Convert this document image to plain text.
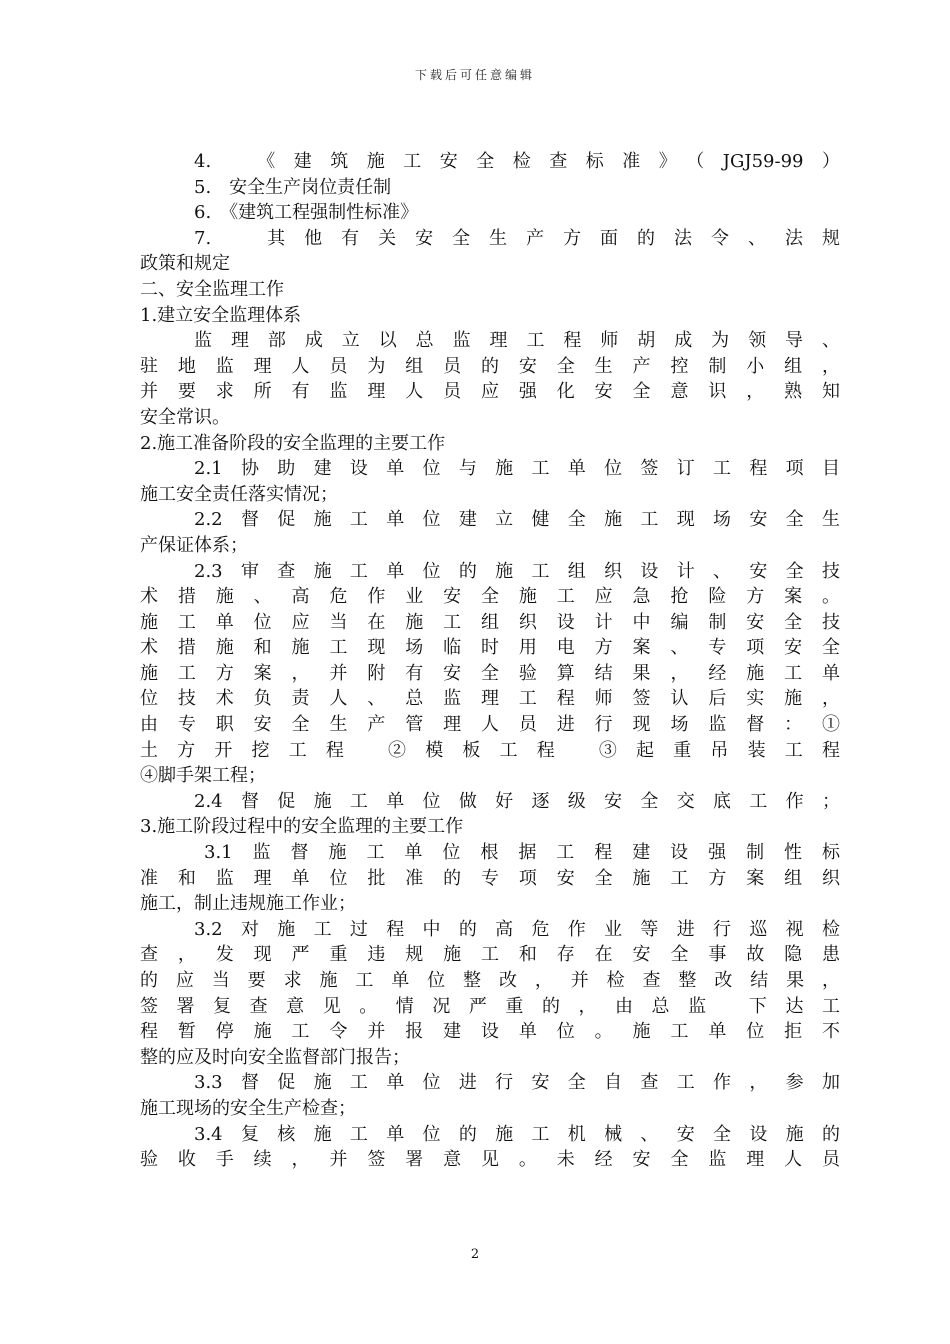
下载后可任意编辑
4.　《建筑施工安全检查标准》（JGJ59-99）
5.　安全生产岗位责任制
6.　《建筑工程强制性标准》
7.　其他有关安全生产方面的法令、法规
政策和规定
二、安全监理工作
1.建立安全监理体系
监理部成立以总监理工程师胡成为领导、
驻地监理人员为组员的安全生产控制小组，
并要求所有监理人员应强化安全意识，熟知
安全常识。
2.施工准备阶段的安全监理的主要工作
2.1协助建设单位与施工单位签订工程项目
施工安全责任落实情况；
2.2督促施工单位建立健全施工现场安全生
产保证体系；
2.3审查施工单位的施工组织设计、安全技
术措施、高危作业安全施工应急抢险方案。
施工单位应当在施工组织设计中编制安全技
术措施和施工现场临时用电方案、专项安全
施工方案，并附有安全验算结果，经施工单
位技术负责人、总监理工程师签认后实施，
由专职安全生产管理人员进行现场监督：①
土方开挖工程 ②模板工程 ③起重吊装工程
④脚手架工程；
2.4督促施工单位做好逐级安全交底工作；
3.施工阶段过程中的安全监理的主要工作
3.1监督施工单位根据工程建设强制性标
准和监理单位批准的专项安全施工方案组织
施工，制止违规施工作业；
3.2对施工过程中的高危作业等进行巡视检
查，发现严重违规施工和存在安全事故隐患
的应当要求施工单位整改，并检查整改结果，
签署复查意见。情况严重的，由总监 下达工
程暂停施工令并报建设单位。施工单位拒不
整的应及时向安全监督部门报告；
3.3督促施工单位进行安全自查工作，参加
施工现场的安全生产检查；
3.4复核施工单位的施工机械、安全设施的
验收手续，并签署意见。未经安全监理人员
2
